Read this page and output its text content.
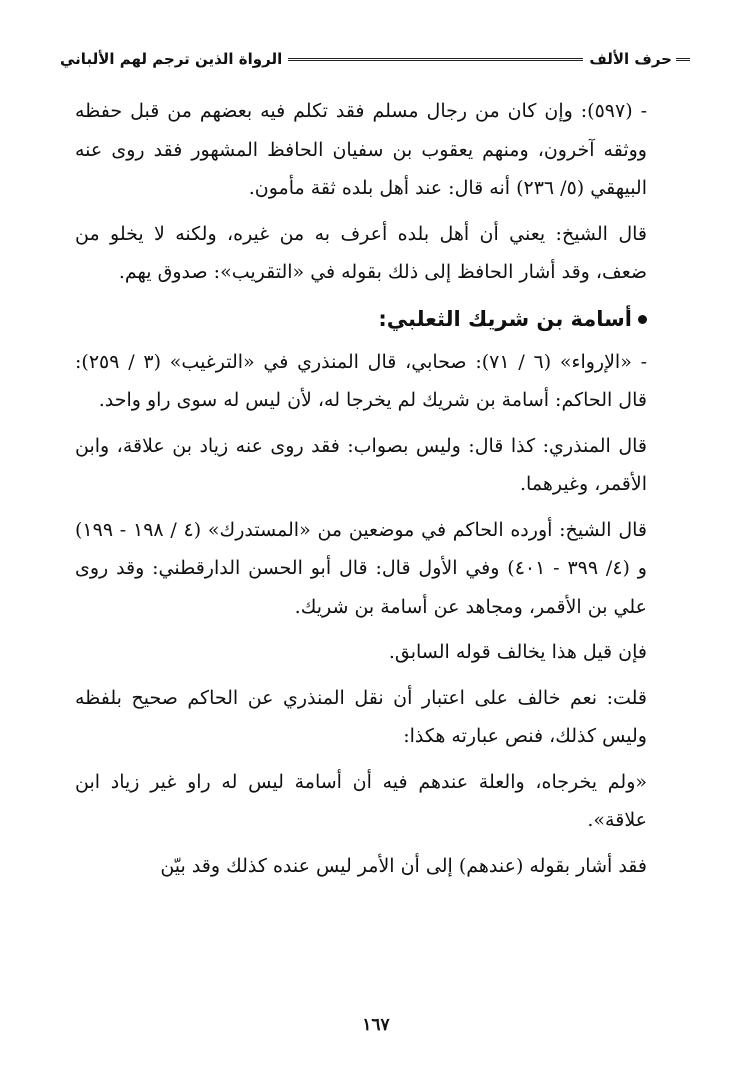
حرف الألف
الرواة الذين ترجم لهم الألباني

- (٥٩٧): وإن كان من رجال مسلم فقد تكلم فيه بعضهم من قبل حفظه ووثقه آخرون، ومنهم يعقوب بن سفيان الحافظ المشهور فقد روى عنه البيهقي (٥/ ٢٣٦) أنه قال: عند أهل بلده ثقة مأمون.

قال الشيخ: يعني أن أهل بلده أعرف به من غيره، ولكنه لا يخلو من ضعف، وقد أشار الحافظ إلى ذلك بقوله في «التقريب»: صدوق يهم.

أسامة بن شريك الثعلبي:

- «الإرواء» (٦ / ٧١): صحابي، قال المنذري في «الترغيب» (٣ / ٢٥٩): قال الحاكم: أسامة بن شريك لم يخرجا له، لأن ليس له سوى راو واحد.

قال المنذري: كذا قال: وليس بصواب: فقد روى عنه زياد بن علاقة، وابن الأقمر، وغيرهما.

قال الشيخ: أورده الحاكم في موضعين من «المستدرك» (٤ / ١٩٨ - ١٩٩) و (٤/ ٣٩٩ - ٤٠١) وفي الأول قال: قال أبو الحسن الدارقطني: وقد روى علي بن الأقمر، ومجاهد عن أسامة بن شريك.

فإن قيل هذا يخالف قوله السابق.

قلت: نعم خالف على اعتبار أن نقل المنذري عن الحاكم صحيح بلفظه وليس كذلك، فنص عبارته هكذا:

«ولم يخرجاه، والعلة عندهم فيه أن أسامة ليس له راو غير زياد ابن علاقة».

فقد أشار بقوله (عندهم) إلى أن الأمر ليس عنده كذلك وقد بيّن

١٦٧
